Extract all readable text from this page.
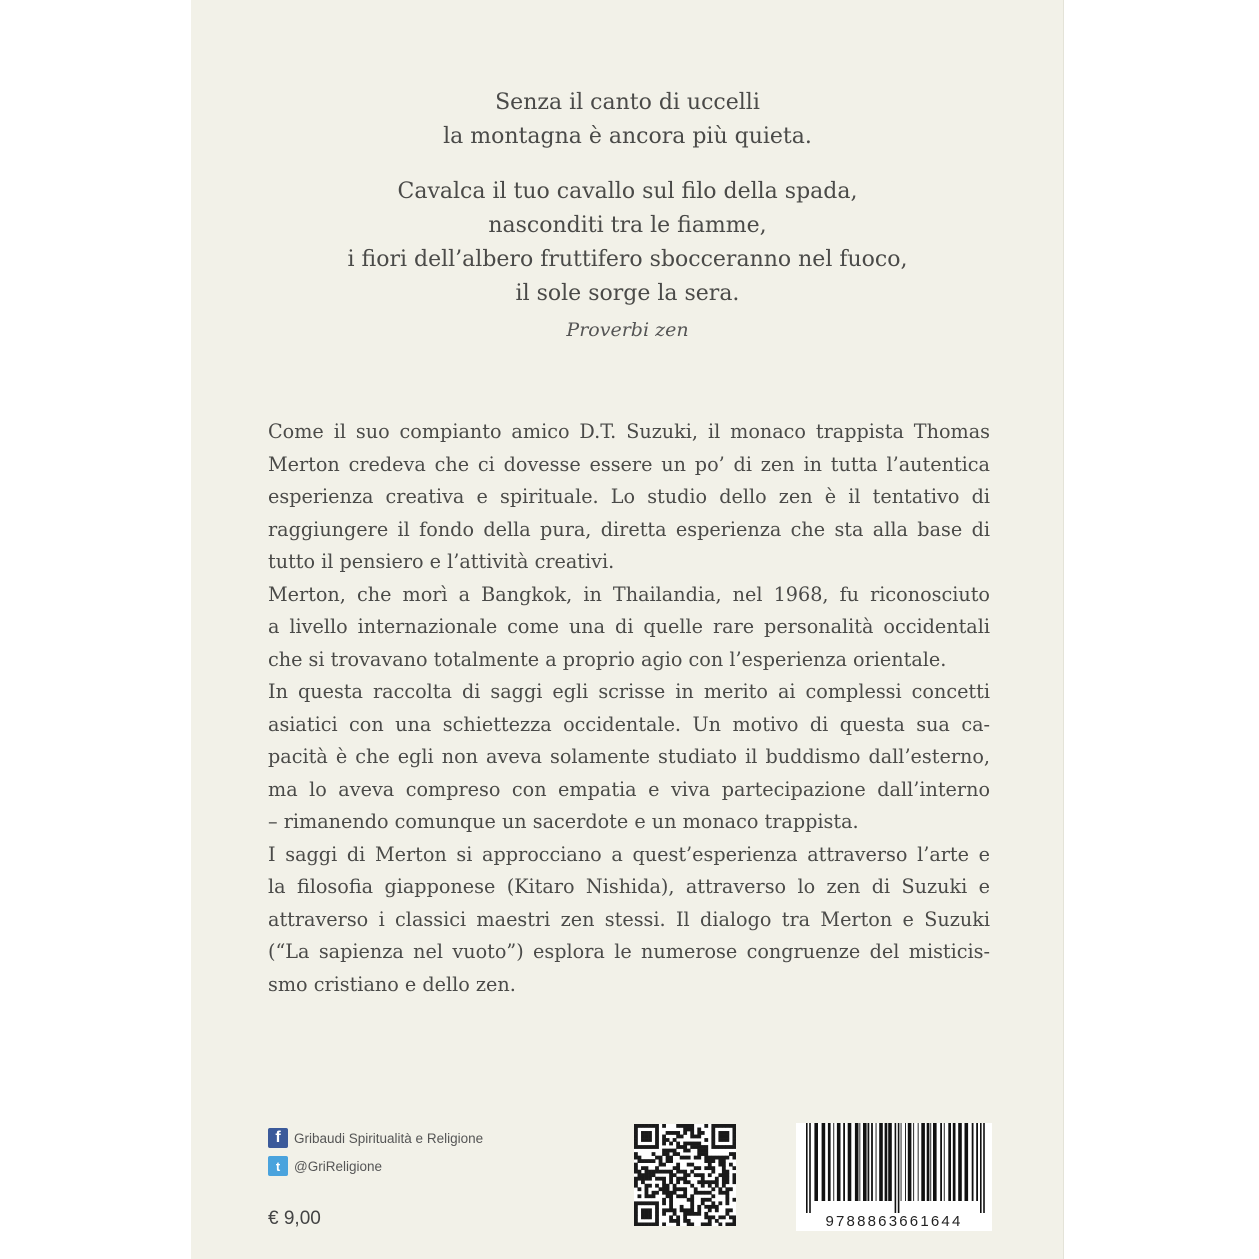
Senza il canto di uccelli
la montagna è ancora più quieta.

Cavalca il tuo cavallo sul filo della spada,
nasconditi tra le fiamme,
i fiori dell’albero fruttifero sbocceranno nel fuoco,
il sole sorge la sera.
Proverbi zen

Come il suo compianto amico D.T. Suzuki, il monaco trappista Thomas
Merton credeva che ci dovesse essere un po’ di zen in tutta l’autentica
esperienza creativa e spirituale. Lo studio dello zen è il tentativo di
raggiungere il fondo della pura, diretta esperienza che sta alla base di
tutto il pensiero e l’attività creativi.

Merton, che morì a Bangkok, in Thailandia, nel 1968, fu riconosciuto
a livello internazionale come una di quelle rare personalità occidentali
che si trovavano totalmente a proprio agio con l’esperienza orientale.

In questa raccolta di saggi egli scrisse in merito ai complessi concetti
asiatici con una schiettezza occidentale. Un motivo di questa sua ca-
pacità è che egli non aveva solamente studiato il buddismo dall’esterno,
ma lo aveva compreso con empatia e viva partecipazione dall’interno
– rimanendo comunque un sacerdote e un monaco trappista.

I saggi di Merton si approcciano a quest’esperienza attraverso l’arte e
la filosofia giapponese (Kitaro Nishida), attraverso lo zen di Suzuki e
attraverso i classici maestri zen stessi. Il dialogo tra Merton e Suzuki
(“La sapienza nel vuoto”) esplora le numerose congruenze del misticis-
smo cristiano e dello zen.

f Gribaudi Spiritualità e Religione
t	@GriReligione
€ 9,00	9788863661644
